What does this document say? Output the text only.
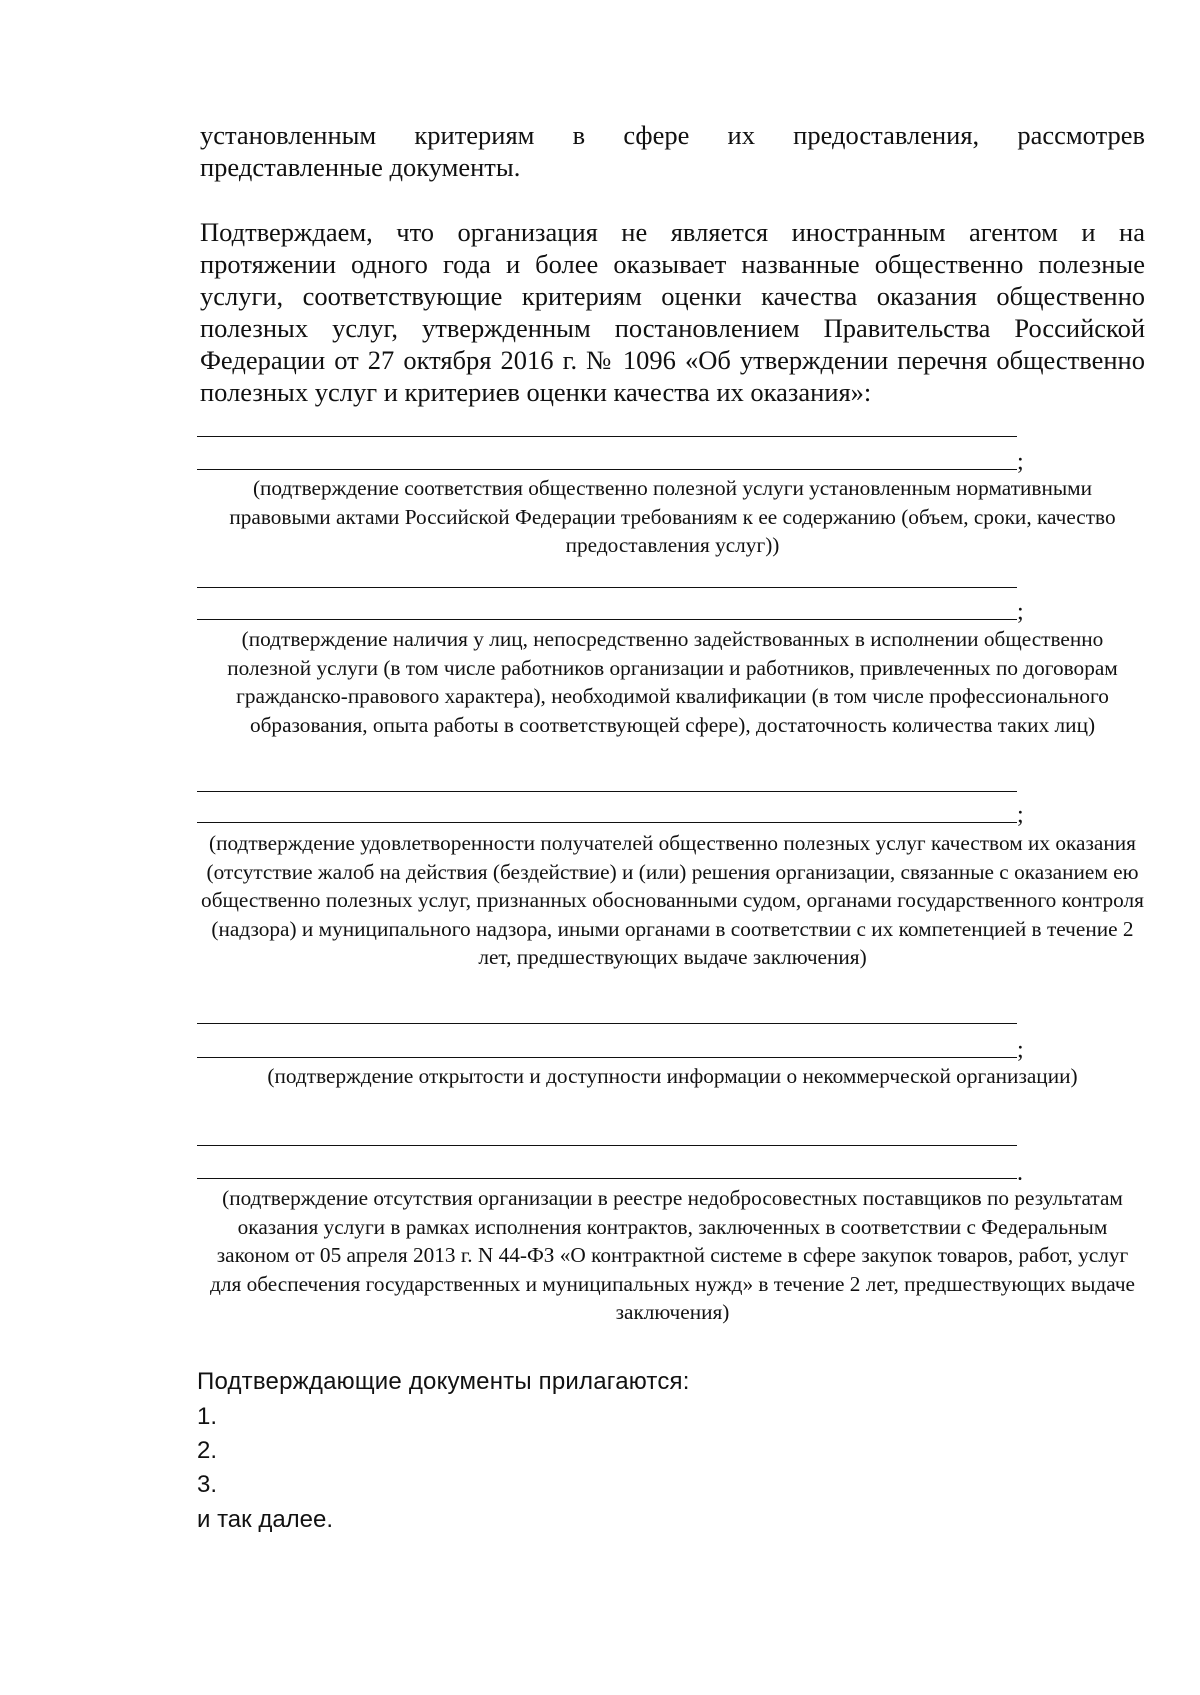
установленным критериям в сфере их предоставления, рассмотрев представленные документы.
Подтверждаем, что организация не является иностранным агентом и на протяжении одного года и более оказывает названные общественно полезные услуги, соответствующие критериям оценки качества оказания общественно полезных услуг, утвержденным постановлением Правительства Российской Федерации от 27 октября 2016 г. № 1096 «Об утверждении перечня общественно полезных услуг и критериев оценки качества их оказания»:
;
(подтверждение соответствия общественно полезной услуги установленным нормативными правовыми актами Российской Федерации требованиям к ее содержанию (объем, сроки, качество предоставления услуг))
;
(подтверждение наличия у лиц, непосредственно задействованных в исполнении общественно полезной услуги (в том числе работников организации и работников, привлеченных по договорам гражданско-правового характера), необходимой квалификации (в том числе профессионального образования, опыта работы в соответствующей сфере), достаточность количества таких лиц)
;
(подтверждение удовлетворенности получателей общественно полезных услуг качеством их оказания (отсутствие жалоб на действия (бездействие) и (или) решения организации, связанные с оказанием ею общественно полезных услуг, признанных обоснованными судом, органами государственного контроля (надзора) и муниципального надзора, иными органами в соответствии с их компетенцией в течение 2 лет, предшествующих выдаче заключения)
;
(подтверждение открытости и доступности информации о некоммерческой организации)
.
(подтверждение отсутствия организации в реестре недобросовестных поставщиков по результатам оказания услуги в рамках исполнения контрактов, заключенных в соответствии с Федеральным законом от 05 апреля 2013 г. N 44-ФЗ «О контрактной системе в сфере закупок товаров, работ, услуг для обеспечения государственных и муниципальных нужд» в течение 2 лет, предшествующих выдаче заключения)
Подтверждающие документы прилагаются:
1.
2.
3.
и так далее.
